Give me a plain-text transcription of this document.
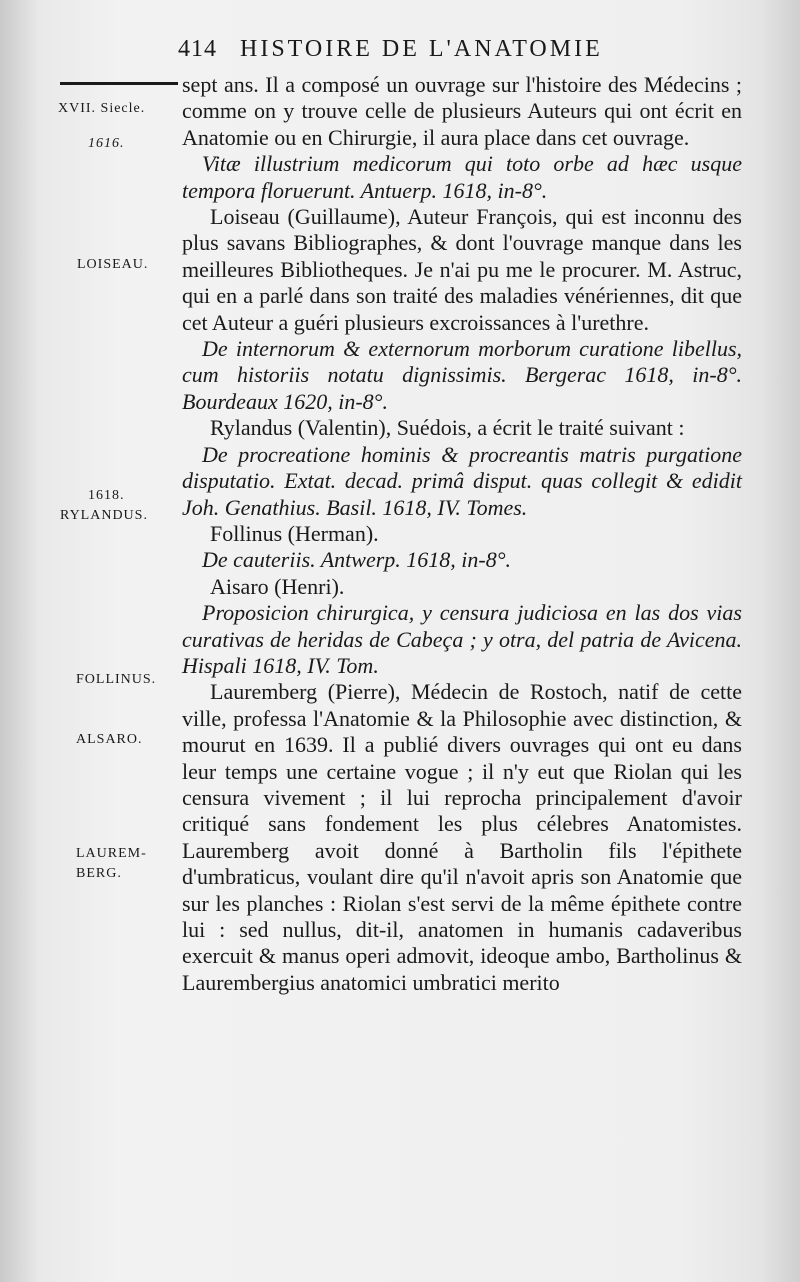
414 HISTOIRE DE L'ANATOMIE
XVII. Siecle.
1616.
LOISEAU.
1618.
RYLANDUS.
FOLLINUS.
ALSARO.
LAUREM-
BERG.

sept ans. Il a composé un ouvrage sur l'histoire des Médecins ; comme on y trouve celle de plusieurs Auteurs qui ont écrit en Anatomie ou en Chirurgie, il aura place dans cet ouvrage.

Vitæ illustrium medicorum qui toto orbe ad hæc usque tempora floruerunt. Antuerp. 1618, in-8°.

Loiseau (Guillaume), Auteur François, qui est inconnu des plus savans Bibliographes, & dont l'ouvrage manque dans les meilleures Bibliotheques. Je n'ai pu me le procurer. M. Astruc, qui en a parlé dans son traité des maladies vénériennes, dit que cet Auteur a guéri plusieurs excroissances à l'urethre.

De internorum & externorum morborum curatione libellus, cum historiis notatu dignissimis. Bergerac 1618, in-8°. Bourdeaux 1620, in-8°.

Rylandus (Valentin), Suédois, a écrit le traité suivant :

De procreatione hominis & procreantis matris purgatione disputatio. Extat. decad. primâ disput. quas collegit & edidit Joh. Genathius. Basil. 1618, IV. Tomes.

Follinus (Herman).

De cauteriis. Antwerp. 1618, in-8°.

Aisaro (Henri).

Proposicion chirurgica, y censura judiciosa en las dos vias curativas de heridas de Cabeça ; y otra, del patria de Avicena. Hispali 1618, IV. Tom.

Lauremberg (Pierre), Médecin de Rostoch, natif de cette ville, professa l'Anatomie & la Philosophie avec distinction, & mourut en 1639. Il a publié divers ouvrages qui ont eu dans leur temps une certaine vogue ; il n'y eut que Riolan qui les censura vivement ; il lui reprocha principalement d'avoir critiqué sans fondement les plus célebres Anatomistes. Lauremberg avoit donné à Bartholin fils l'épithete d'umbraticus, voulant dire qu'il n'avoit apris son Anatomie que sur les planches : Riolan s'est servi de la même épithete contre lui : sed nullus, dit-il, anatomen in humanis cadaveribus exercuit & manus operi admovit, ideoque ambo, Bartholinus & Laurembergius anatomici umbratici merito
